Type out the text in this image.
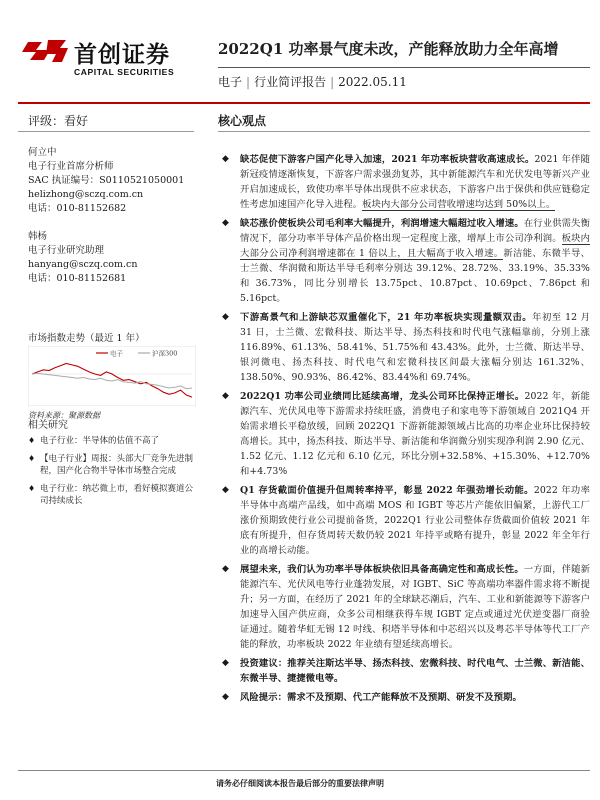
首创证券
CAPITAL SECURITIES
2022Q1 功率景气度未改，产能释放助力全年高增
电子 | 行业简评报告 | 2022.05.11
评级：看好	核心观点
何立中
电子行业首席分析师
SAC 执证编号：S0110521050001
helizhong@sczq.com.cn
电话：010-81152682
韩杨
电子行业研究助理
hanyang@sczq.com.cn
电话：010-81152681
市场指数走势（最近 1 年）
电子	沪深300
资料来源：聚源数据
相关研究
♦ 电子行业：半导体的估值不高了
♦ 【电子行业】周报：头部大厂竞争先进制程，国产化合物半导体市场整合完成
♦ 电子行业：纳芯微上市，看好模拟赛道公司持续成长
◆ 缺芯促使下游客户国产化导入加速，2021 年功率板块营收高速成长。2021 年伴随新冠疫情逐渐恢复，下游客户需求强劲复苏，其中新能源汽车和光伏发电等新兴产业开启加速成长，致使功率半导体出现供不应求状态，下游客户出于保供和供应链稳定性考虑加速国产化导入进程。板块内大部分公司营收增速均达到 50%以上。
◆ 缺芯涨价使板块公司毛利率大幅提升，利润增速大幅超过收入增速。在行业供需失衡情况下，部分功率半导体产品价格出现一定程度上涨，增厚上市公司净利润。板块内大部分公司净利润增速都在 1 倍以上，且大幅高于收入增速。新洁能、东微半导、士兰微、华润微和斯达半导毛利率分别达 39.12%、28.72%、33.19%、35.33%和 36.73%，同比分别增长 13.75pct、10.87pct、10.69pct、7.86pct 和 5.16pct。
◆ 下游高景气和上游缺芯双重催化下，21 年功率板块实现量额双击。年初至 12 月 31 日，士兰微、宏微科技、斯达半导、扬杰科技和时代电气涨幅靠前，分别上涨 116.89%、61.13%、58.41%、51.75%和 43.43%。此外，士兰微、斯达半导、银河微电、扬杰科技、时代电气和宏微科技区间最大涨幅分别达 161.32%、138.50%、90.93%、86.42%、83.44%和 69.74%。
◆ 2022Q1 功率公司业绩同比延续高增，龙头公司环比保持正增长。2022 年，新能源汽车、光伏风电等下游需求持续旺盛，消费电子和家电等下游领域自 2021Q4 开始需求增长平稳放缓，回顾 2022Q1 下游新能源领域占比高的功率企业环比保持较高增长。其中，扬杰科技、斯达半导、新洁能和华润微分别实现净利润 2.90 亿元、1.52 亿元、1.12 亿元和 6.10 亿元，环比分别+32.58%、+15.30%、+12.70%和+4.73%
◆ Q1 存货截面价值提升但周转率持平，彰显 2022 年强劲增长动能。2022 年功率半导体中高端产品线，如中高端 MOS 和 IGBT 等芯片产能依旧偏紧，上游代工厂涨价预期致使行业公司提前备货，2022Q1 行业公司整体存货截面价值较 2021 年底有所提升，但存货周转天数仍较 2021 年持平或略有提升，彰显 2022 年全年行业的高增长动能。
◆ 展望未来，我们认为功率半导体板块依旧具备高确定性和高成长性。一方面，伴随新能源汽车、光伏风电等行业蓬勃发展，对 IGBT、SiC 等高端功率器件需求将不断提升；另一方面，在经历了 2021 年的全球缺芯潮后，汽车、工业和新能源等下游客户加速导入国产供应商，众多公司相继获得车规 IGBT 定点或通过光伏逆变器厂商验证通过。随着华虹无锡 12 吋线、积塔半导体和中芯绍兴以及粤芯半导体等代工厂产能的释放，功率板块 2022 年业绩有望延续高增长。
◆ 投资建议：推荐关注斯达半导、扬杰科技、宏微科技、时代电气、士兰微、新洁能、东微半导、捷捷微电等。
◆ 风险提示：需求不及预期、代工产能释放不及预期、研发不及预期。
请务必仔细阅读本报告最后部分的重要法律声明
